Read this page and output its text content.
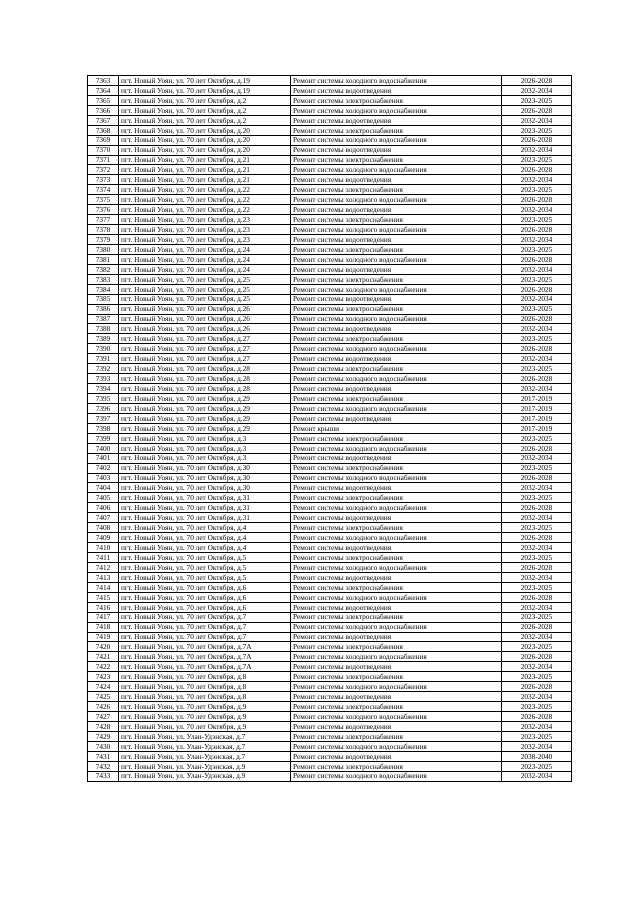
7363	пгт. Новый Уоян, ул. 70 лет Октября, д.19	Ремонт системы холодного водоснабжения	2026-2028
7364	пгт. Новый Уоян, ул. 70 лет Октября, д.19	Ремонт системы водоотведения	2032-2034
7365	пгт. Новый Уоян, ул. 70 лет Октября, д.2	Ремонт системы электроснабжения	2023-2025
7366	пгт. Новый Уоян, ул. 70 лет Октября, д.2	Ремонт системы холодного водоснабжения	2026-2028
7367	пгт. Новый Уоян, ул. 70 лет Октября, д.2	Ремонт системы водоотведения	2032-2034
7368	пгт. Новый Уоян, ул. 70 лет Октября, д.20	Ремонт системы электроснабжения	2023-2025
7369	пгт. Новый Уоян, ул. 70 лет Октября, д.20	Ремонт системы холодного водоснабжения	2026-2028
7370	пгт. Новый Уоян, ул. 70 лет Октября, д.20	Ремонт системы водоотведения	2032-2034
7371	пгт. Новый Уоян, ул. 70 лет Октября, д.21	Ремонт системы электроснабжения	2023-2025
7372	пгт. Новый Уоян, ул. 70 лет Октября, д.21	Ремонт системы холодного водоснабжения	2026-2028
7373	пгт. Новый Уоян, ул. 70 лет Октября, д.21	Ремонт системы водоотведения	2032-2034
7374	пгт. Новый Уоян, ул. 70 лет Октября, д.22	Ремонт системы электроснабжения	2023-2025
7375	пгт. Новый Уоян, ул. 70 лет Октября, д.22	Ремонт системы холодного водоснабжения	2026-2028
7376	пгт. Новый Уоян, ул. 70 лет Октября, д.22	Ремонт системы водоотведения	2032-2034
7377	пгт. Новый Уоян, ул. 70 лет Октября, д.23	Ремонт системы электроснабжения	2023-2025
7378	пгт. Новый Уоян, ул. 70 лет Октября, д.23	Ремонт системы холодного водоснабжения	2026-2028
7379	пгт. Новый Уоян, ул. 70 лет Октября, д.23	Ремонт системы водоотведения	2032-2034
7380	пгт. Новый Уоян, ул. 70 лет Октября, д.24	Ремонт системы электроснабжения	2023-2025
7381	пгт. Новый Уоян, ул. 70 лет Октября, д.24	Ремонт системы холодного водоснабжения	2026-2028
7382	пгт. Новый Уоян, ул. 70 лет Октября, д.24	Ремонт системы водоотведения	2032-2034
7383	пгт. Новый Уоян, ул. 70 лет Октября, д.25	Ремонт системы электроснабжения	2023-2025
7384	пгт. Новый Уоян, ул. 70 лет Октября, д.25	Ремонт системы холодного водоснабжения	2026-2028
7385	пгт. Новый Уоян, ул. 70 лет Октября, д.25	Ремонт системы водоотведения	2032-2034
7386	пгт. Новый Уоян, ул. 70 лет Октября, д.26	Ремонт системы электроснабжения	2023-2025
7387	пгт. Новый Уоян, ул. 70 лет Октября, д.26	Ремонт системы холодного водоснабжения	2026-2028
7388	пгт. Новый Уоян, ул. 70 лет Октября, д.26	Ремонт системы водоотведения	2032-2034
7389	пгт. Новый Уоян, ул. 70 лет Октября, д.27	Ремонт системы электроснабжения	2023-2025
7390	пгт. Новый Уоян, ул. 70 лет Октября, д.27	Ремонт системы холодного водоснабжения	2026-2028
7391	пгт. Новый Уоян, ул. 70 лет Октября, д.27	Ремонт системы водоотведения	2032-2034
7392	пгт. Новый Уоян, ул. 70 лет Октября, д.28	Ремонт системы электроснабжения	2023-2025
7393	пгт. Новый Уоян, ул. 70 лет Октября, д.28	Ремонт системы холодного водоснабжения	2026-2028
7394	пгт. Новый Уоян, ул. 70 лет Октября, д.28	Ремонт системы водоотведения	2032-2034
7395	пгт. Новый Уоян, ул. 70 лет Октября, д.29	Ремонт системы электроснабжения	2017-2019
7396	пгт. Новый Уоян, ул. 70 лет Октября, д.29	Ремонт системы холодного водоснабжения	2017-2019
7397	пгт. Новый Уоян, ул. 70 лет Октября, д.29	Ремонт системы водоотведения	2017-2019
7398	пгт. Новый Уоян, ул. 70 лет Октября, д.29	Ремонт крыши	2017-2019
7399	пгт. Новый Уоян, ул. 70 лет Октября, д.3	Ремонт системы электроснабжения	2023-2025
7400	пгт. Новый Уоян, ул. 70 лет Октября, д.3	Ремонт системы холодного водоснабжения	2026-2028
7401	пгт. Новый Уоян, ул. 70 лет Октября, д.3	Ремонт системы водоотведения	2032-2034
7402	пгт. Новый Уоян, ул. 70 лет Октября, д.30	Ремонт системы электроснабжения	2023-2025
7403	пгт. Новый Уоян, ул. 70 лет Октября, д.30	Ремонт системы холодного водоснабжения	2026-2028
7404	пгт. Новый Уоян, ул. 70 лет Октября, д.30	Ремонт системы водоотведения	2032-2034
7405	пгт. Новый Уоян, ул. 70 лет Октября, д.31	Ремонт системы электроснабжения	2023-2025
7406	пгт. Новый Уоян, ул. 70 лет Октября, д.31	Ремонт системы холодного водоснабжения	2026-2028
7407	пгт. Новый Уоян, ул. 70 лет Октября, д.31	Ремонт системы водоотведения	2032-2034
7408	пгт. Новый Уоян, ул. 70 лет Октября, д.4	Ремонт системы электроснабжения	2023-2025
7409	пгт. Новый Уоян, ул. 70 лет Октября, д.4	Ремонт системы холодного водоснабжения	2026-2028
7410	пгт. Новый Уоян, ул. 70 лет Октября, д.4	Ремонт системы водоотведения	2032-2034
7411	пгт. Новый Уоян, ул. 70 лет Октября, д.5	Ремонт системы электроснабжения	2023-2025
7412	пгт. Новый Уоян, ул. 70 лет Октября, д.5	Ремонт системы холодного водоснабжения	2026-2028
7413	пгт. Новый Уоян, ул. 70 лет Октября, д.5	Ремонт системы водоотведения	2032-2034
7414	пгт. Новый Уоян, ул. 70 лет Октября, д.6	Ремонт системы электроснабжения	2023-2025
7415	пгт. Новый Уоян, ул. 70 лет Октября, д.6	Ремонт системы холодного водоснабжения	2026-2028
7416	пгт. Новый Уоян, ул. 70 лет Октября, д.6	Ремонт системы водоотведения	2032-2034
7417	пгт. Новый Уоян, ул. 70 лет Октября, д.7	Ремонт системы электроснабжения	2023-2025
7418	пгт. Новый Уоян, ул. 70 лет Октября, д.7	Ремонт системы холодного водоснабжения	2026-2028
7419	пгт. Новый Уоян, ул. 70 лет Октября, д.7	Ремонт системы водоотведения	2032-2034
7420	пгт. Новый Уоян, ул. 70 лет Октября, д.7А	Ремонт системы электроснабжения	2023-2025
7421	пгт. Новый Уоян, ул. 70 лет Октября, д.7А	Ремонт системы холодного водоснабжения	2026-2028
7422	пгт. Новый Уоян, ул. 70 лет Октября, д.7А	Ремонт системы водоотведения	2032-2034
7423	пгт. Новый Уоян, ул. 70 лет Октября, д.8	Ремонт системы электроснабжения	2023-2025
7424	пгт. Новый Уоян, ул. 70 лет Октября, д.8	Ремонт системы холодного водоснабжения	2026-2028
7425	пгт. Новый Уоян, ул. 70 лет Октября, д.8	Ремонт системы водоотведения	2032-2034
7426	пгт. Новый Уоян, ул. 70 лет Октября, д.9	Ремонт системы электроснабжения	2023-2025
7427	пгт. Новый Уоян, ул. 70 лет Октября, д.9	Ремонт системы холодного водоснабжения	2026-2028
7428	пгт. Новый Уоян, ул. 70 лет Октября, д.9	Ремонт системы водоотведения	2032-2034
7429	пгт. Новый Уоян, ул. Улан-Удэнская, д.7	Ремонт системы электроснабжения	2023-2025
7430	пгт. Новый Уоян, ул. Улан-Удэнская, д.7	Ремонт системы холодного водоснабжения	2032-2034
7431	пгт. Новый Уоян, ул. Улан-Удэнская, д.7	Ремонт системы водоотведения	2038-2040
7432	пгт. Новый Уоян, ул. Улан-Удэнская, д.9	Ремонт системы электроснабжения	2023-2025
7433	пгт. Новый Уоян, ул. Улан-Удэнская, д.9	Ремонт системы холодного водоснабжения	2032-2034
